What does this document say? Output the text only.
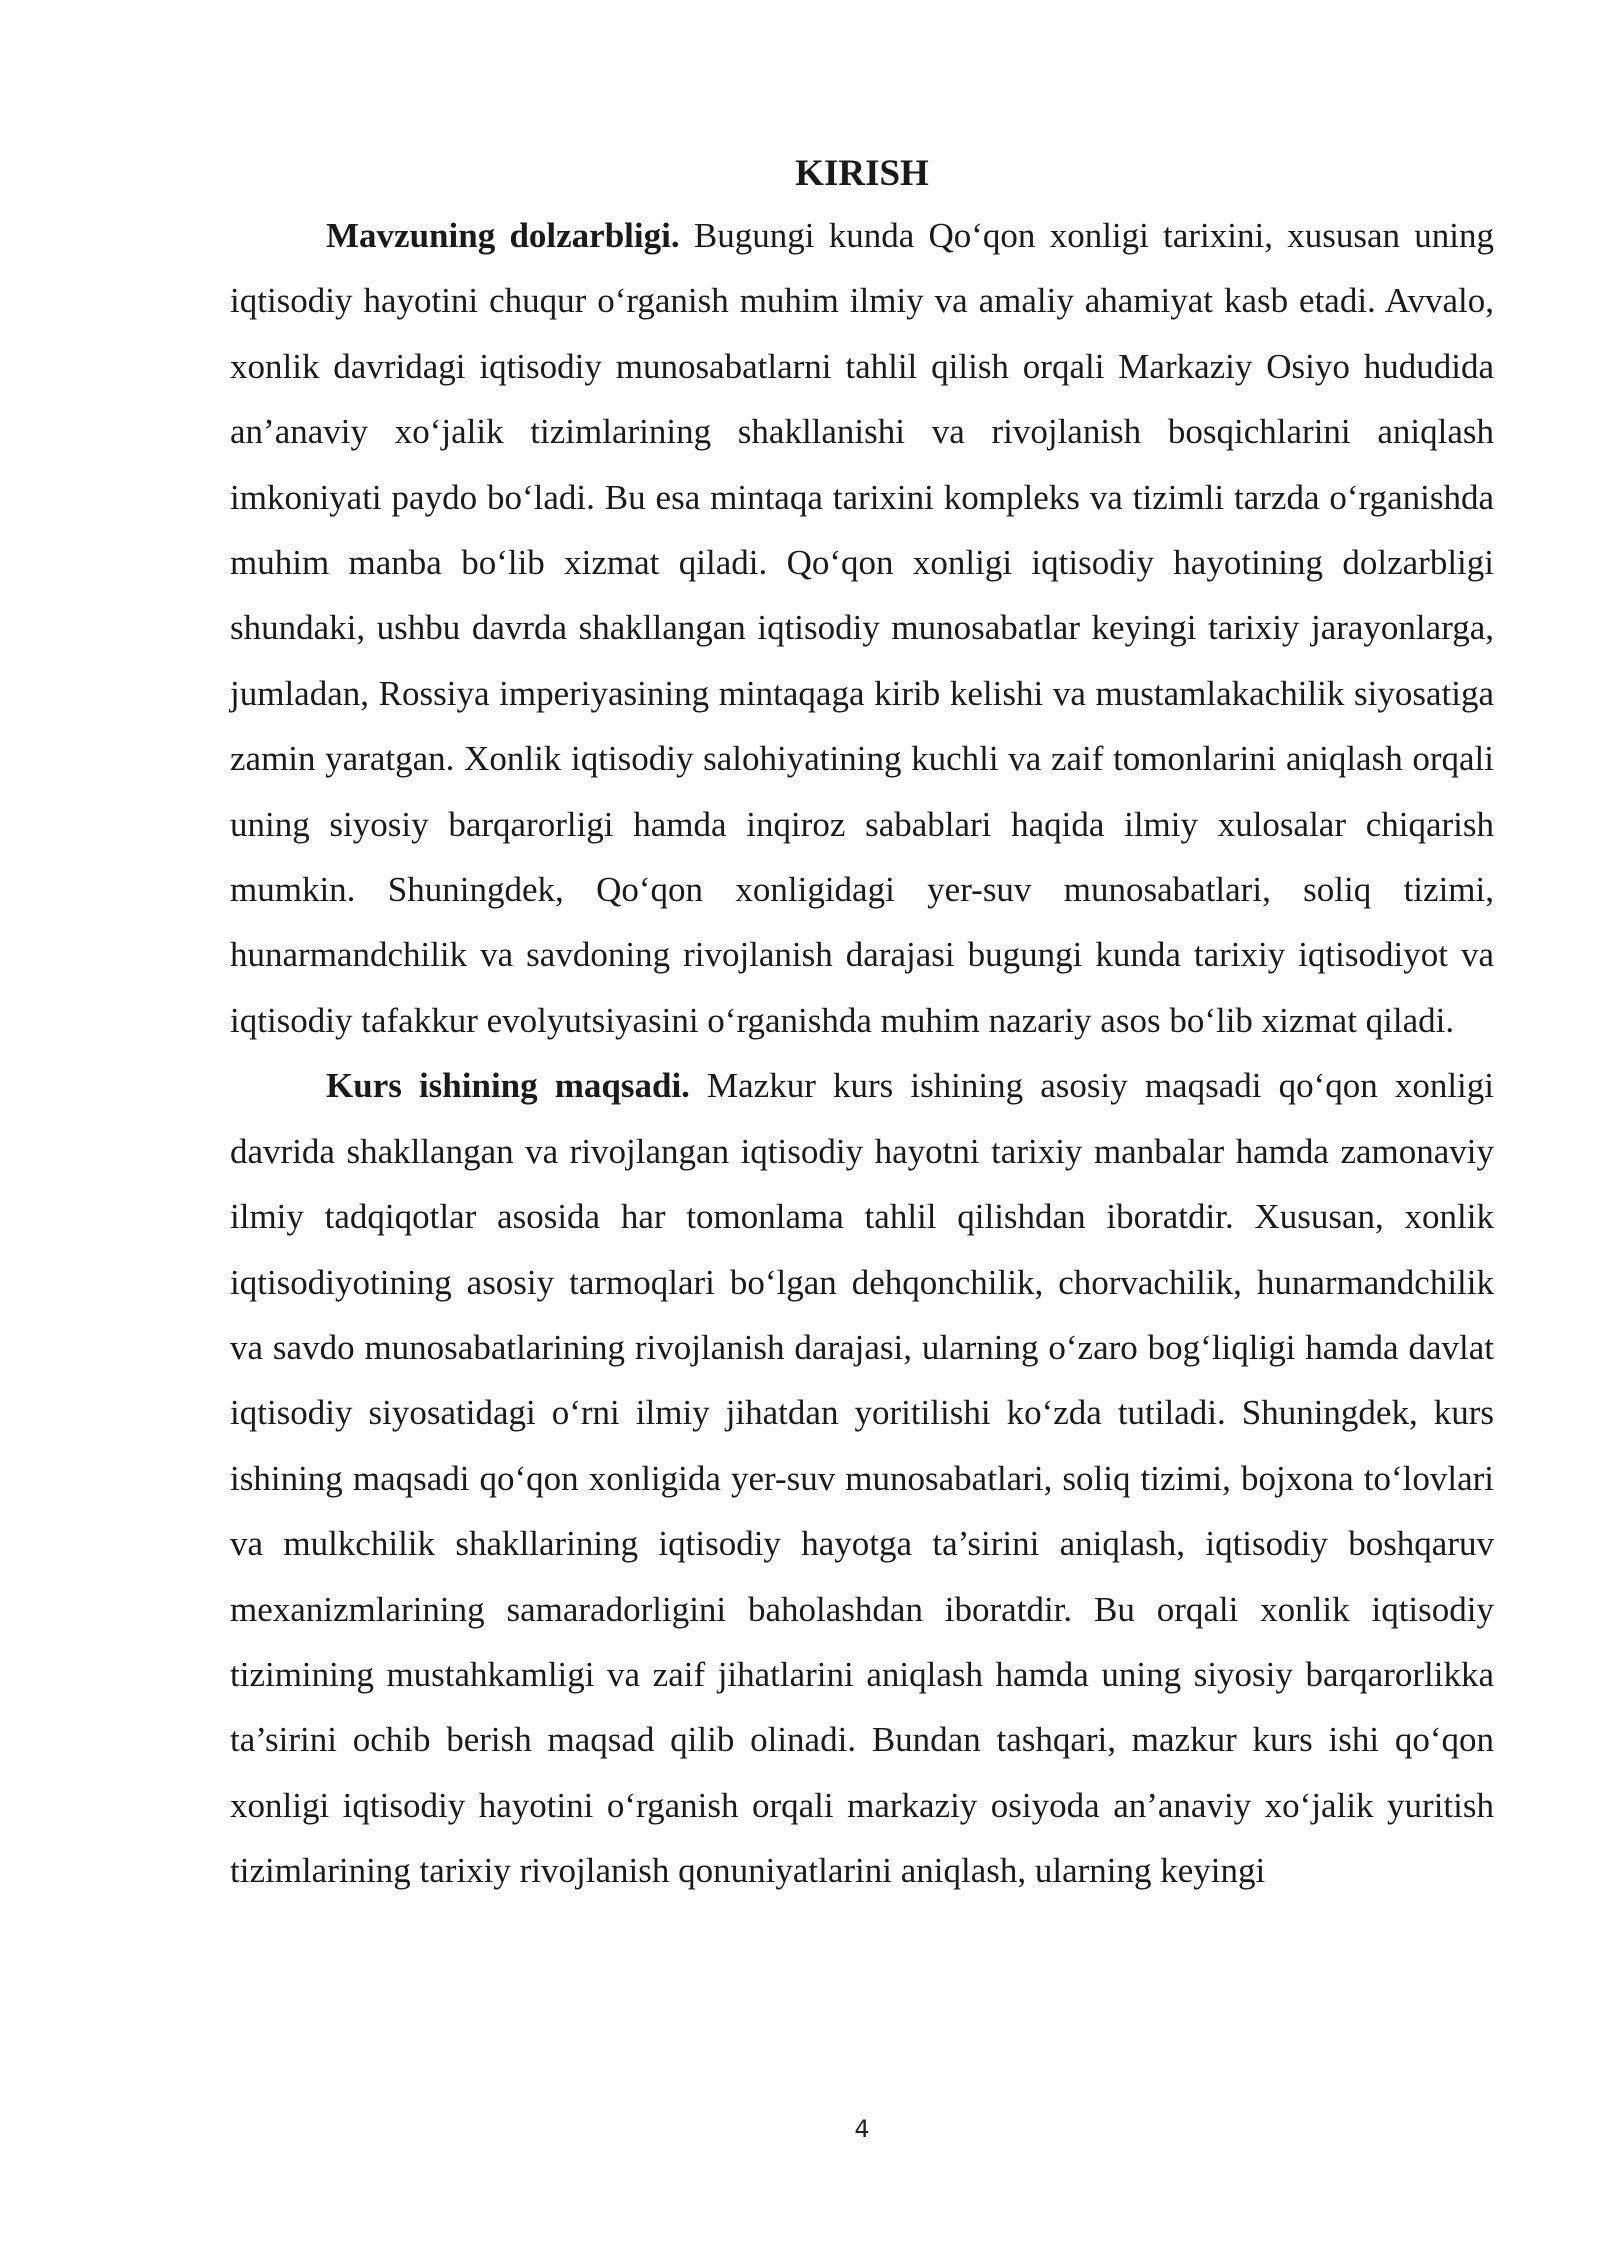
KIRISH

Mavzuning dolzarbligi. Bugungi kunda Qo‘qon xonligi tarixini, xususan uning iqtisodiy hayotini chuqur o‘rganish muhim ilmiy va amaliy ahamiyat kasb etadi. Avvalo, xonlik davridagi iqtisodiy munosabatlarni tahlil qilish orqali Markaziy Osiyo hududida an’anaviy xo‘jalik tizimlarining shakllanishi va rivojlanish bosqichlarini aniqlash imkoniyati paydo bo‘ladi. Bu esa mintaqa tarixini kompleks va tizimli tarzda o‘rganishda muhim manba bo‘lib xizmat qiladi. Qo‘qon xonligi iqtisodiy hayotining dolzarbligi shundaki, ushbu davrda shakllangan iqtisodiy munosabatlar keyingi tarixiy jarayonlarga, jumladan, Rossiya imperiyasining mintaqaga kirib kelishi va mustamlakachilik siyosatiga zamin yaratgan. Xonlik iqtisodiy salohiyatining kuchli va zaif tomonlarini aniqlash orqali uning siyosiy barqarorligi hamda inqiroz sabablari haqida ilmiy xulosalar chiqarish mumkin. Shuningdek, Qo‘qon xonligidagi yer-suv munosabatlari, soliq tizimi, hunarmandchilik va savdoning rivojlanish darajasi bugungi kunda tarixiy iqtisodiyot va iqtisodiy tafakkur evolyutsiyasini o‘rganishda muhim nazariy asos bo‘lib xizmat qiladi.

Kurs ishining maqsadi. Mazkur kurs ishining asosiy maqsadi qo‘qon xonligi davrida shakllangan va rivojlangan iqtisodiy hayotni tarixiy manbalar hamda zamonaviy ilmiy tadqiqotlar asosida har tomonlama tahlil qilishdan iboratdir. Xususan, xonlik iqtisodiyotining asosiy tarmoqlari bo‘lgan dehqonchilik, chorvachilik, hunarmandchilik va savdo munosabatlarining rivojlanish darajasi, ularning o‘zaro bog‘liqligi hamda davlat iqtisodiy siyosatidagi o‘rni ilmiy jihatdan yoritilishi ko‘zda tutiladi. Shuningdek, kurs ishining maqsadi qo‘qon xonligida yer-suv munosabatlari, soliq tizimi, bojxona to‘lovlari va mulkchilik shakllarining iqtisodiy hayotga ta’sirini aniqlash, iqtisodiy boshqaruv mexanizmlarining samaradorligini baholashdan iboratdir. Bu orqali xonlik iqtisodiy tizimining mustahkamligi va zaif jihatlarini aniqlash hamda uning siyosiy barqarorlikka ta’sirini ochib berish maqsad qilib olinadi. Bundan tashqari, mazkur kurs ishi qo‘qon xonligi iqtisodiy hayotini o‘rganish orqali markaziy osiyoda an’anaviy xo‘jalik yuritish tizimlarining tarixiy rivojlanish qonuniyatlarini aniqlash, ularning keyingi

4
